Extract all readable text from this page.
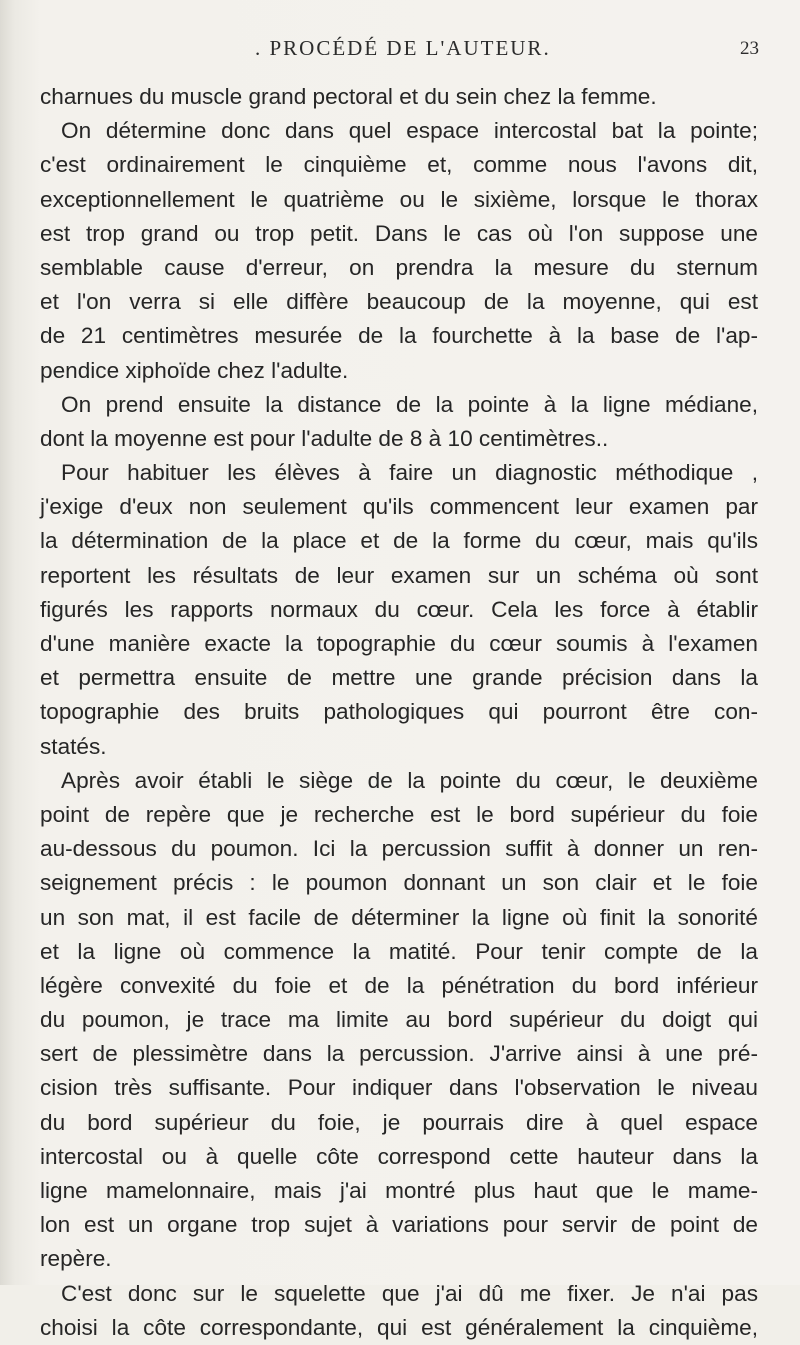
. PROCÉDÉ DE L'AUTEUR.	23
charnues du muscle grand pectoral et du sein chez la femme.
On détermine donc dans quel espace intercostal bat la pointe;
c'est ordinairement le cinquième et, comme nous l'avons dit,
exceptionnellement le quatrième ou le sixième, lorsque le thorax
est trop grand ou trop petit. Dans le cas où l'on suppose une
semblable cause d'erreur, on prendra la mesure du sternum
et l'on verra si elle diffère beaucoup de la moyenne, qui est
de 21 centimètres mesurée de la fourchette à la base de l'ap-
pendice xiphoïde chez l'adulte.
On prend ensuite la distance de la pointe à la ligne médiane,
dont la moyenne est pour l'adulte de 8 à 10 centimètres..
Pour habituer les élèves à faire un diagnostic méthodique ,
j'exige d'eux non seulement qu'ils commencent leur examen par
la détermination de la place et de la forme du cœur, mais qu'ils
reportent les résultats de leur examen sur un schéma où sont
figurés les rapports normaux du cœur. Cela les force à établir
d'une manière exacte la topographie du cœur soumis à l'examen
et permettra ensuite de mettre une grande précision dans la
topographie des bruits pathologiques qui pourront être con-
statés.
Après avoir établi le siège de la pointe du cœur, le deuxième
point de repère que je recherche est le bord supérieur du foie
au-dessous du poumon. Ici la percussion suffit à donner un ren-
seignement précis : le poumon donnant un son clair et le foie
un son mat, il est facile de déterminer la ligne où finit la sonorité
et la ligne où commence la matité. Pour tenir compte de la
légère convexité du foie et de la pénétration du bord inférieur
du poumon, je trace ma limite au bord supérieur du doigt qui
sert de plessimètre dans la percussion. J'arrive ainsi à une pré-
cision très suffisante. Pour indiquer dans l'observation le niveau
du bord supérieur du foie, je pourrais dire à quel espace
intercostal ou à quelle côte correspond cette hauteur dans la
ligne mamelonnaire, mais j'ai montré plus haut que le mame-
lon est un organe trop sujet à variations pour servir de point de
repère.
C'est donc sur le squelette que j'ai dû me fixer. Je n'ai pas
choisi la côte correspondante, qui est généralement la cinquième,
